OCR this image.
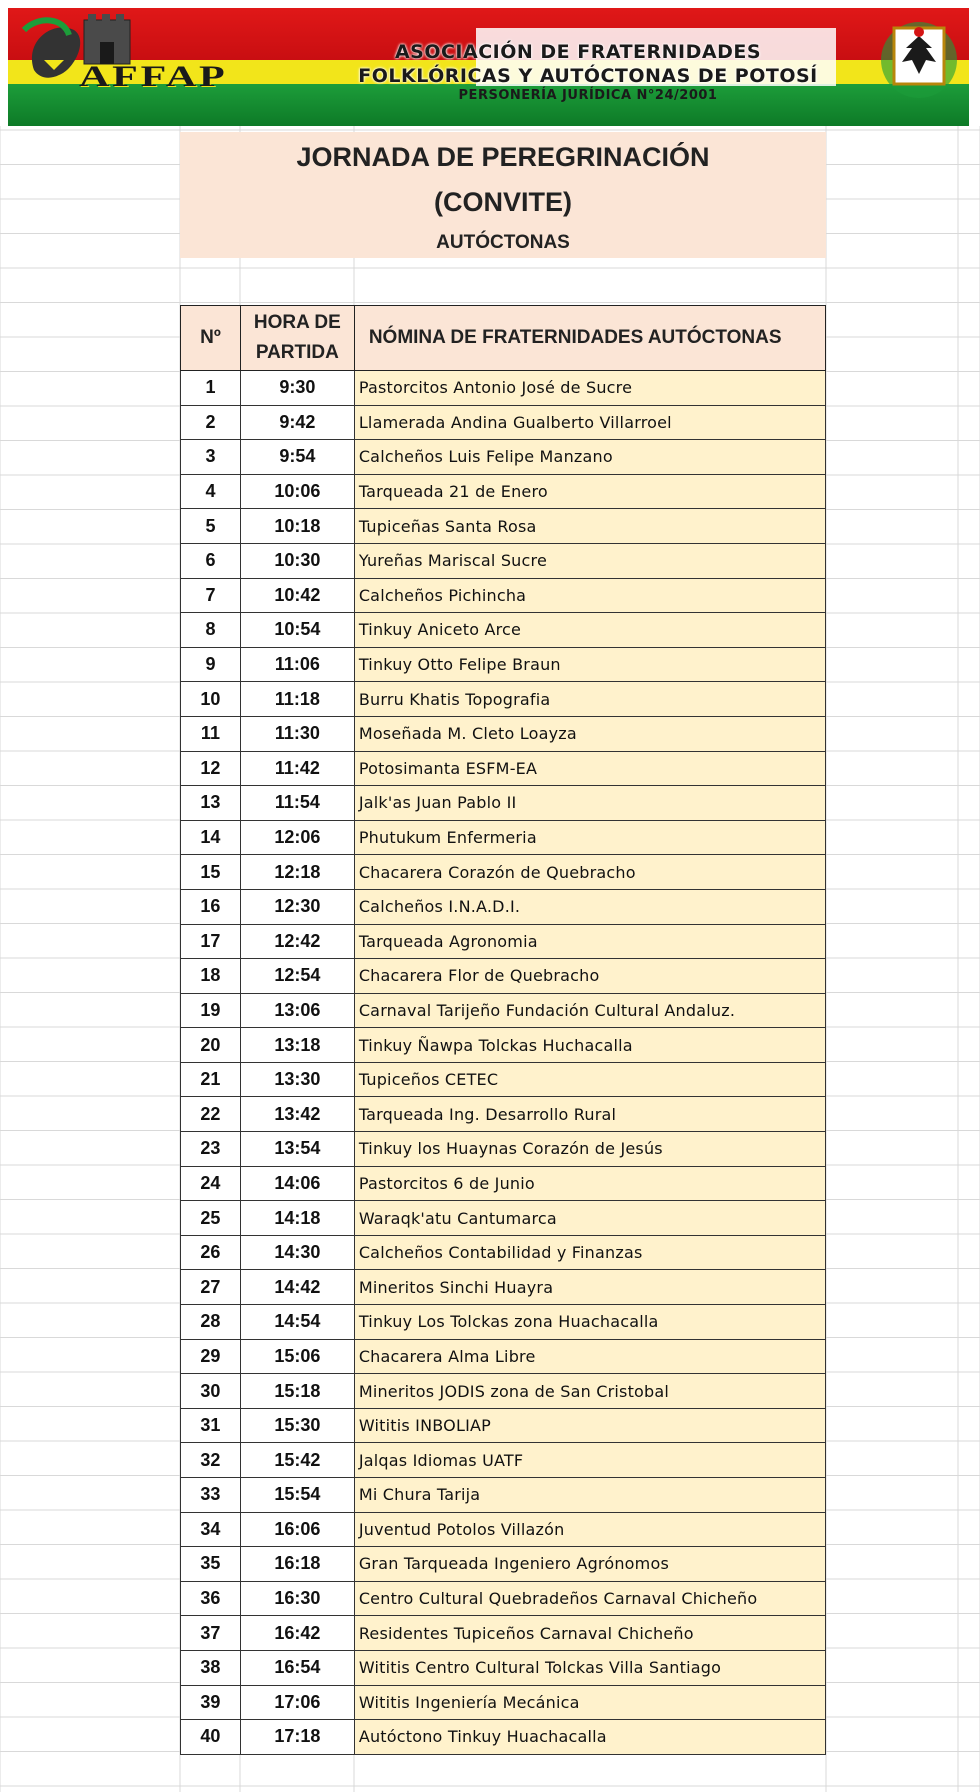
ASOCIACIÓN DE FRATERNIDADES
FOLKLÓRICAS Y AUTÓCTONAS DE POTOSÍ
PERSONERÍA JURÍDICA N°24/2001
AFFAP
JORNADA DE PEREGRINACIÓN
(CONVITE)
AUTÓCTONAS
Nº	HORA DE PARTIDA	NÓMINA DE FRATERNIDADES AUTÓCTONAS
1	9:30	Pastorcitos Antonio José de Sucre
2	9:42	Llamerada Andina Gualberto Villarroel
3	9:54	Calcheños Luis Felipe Manzano
4	10:06	Tarqueada 21 de Enero
5	10:18	Tupiceñas Santa Rosa
6	10:30	Yureñas Mariscal Sucre
7	10:42	Calcheños Pichincha
8	10:54	Tinkuy Aniceto Arce
9	11:06	Tinkuy Otto Felipe Braun
10	11:18	Burru Khatis Topografia
11	11:30	Moseñada M. Cleto Loayza
12	11:42	Potosimanta ESFM-EA
13	11:54	Jalk'as Juan Pablo II
14	12:06	Phutukum Enfermeria
15	12:18	Chacarera Corazón de Quebracho
16	12:30	Calcheños I.N.A.D.I.
17	12:42	Tarqueada Agronomia
18	12:54	Chacarera Flor de Quebracho
19	13:06	Carnaval Tarijeño Fundación Cultural Andaluz.
20	13:18	Tinkuy Ñawpa Tolckas Huchacalla
21	13:30	Tupiceños CETEC
22	13:42	Tarqueada Ing. Desarrollo Rural
23	13:54	Tinkuy los Huaynas Corazón de Jesús
24	14:06	Pastorcitos 6 de Junio
25	14:18	Waraqk'atu Cantumarca
26	14:30	Calcheños Contabilidad y Finanzas
27	14:42	Mineritos Sinchi Huayra
28	14:54	Tinkuy Los Tolckas zona Huachacalla
29	15:06	Chacarera Alma Libre
30	15:18	Mineritos JODIS zona de San Cristobal
31	15:30	Wititis INBOLIAP
32	15:42	Jalqas Idiomas UATF
33	15:54	Mi Chura Tarija
34	16:06	Juventud Potolos Villazón
35	16:18	Gran Tarqueada Ingeniero Agrónomos
36	16:30	Centro Cultural Quebradeños Carnaval Chicheño
37	16:42	Residentes Tupiceños Carnaval Chicheño
38	16:54	Wititis Centro Cultural Tolckas Villa Santiago
39	17:06	Wititis Ingeniería Mecánica
40	17:18	Autóctono Tinkuy Huachacalla
